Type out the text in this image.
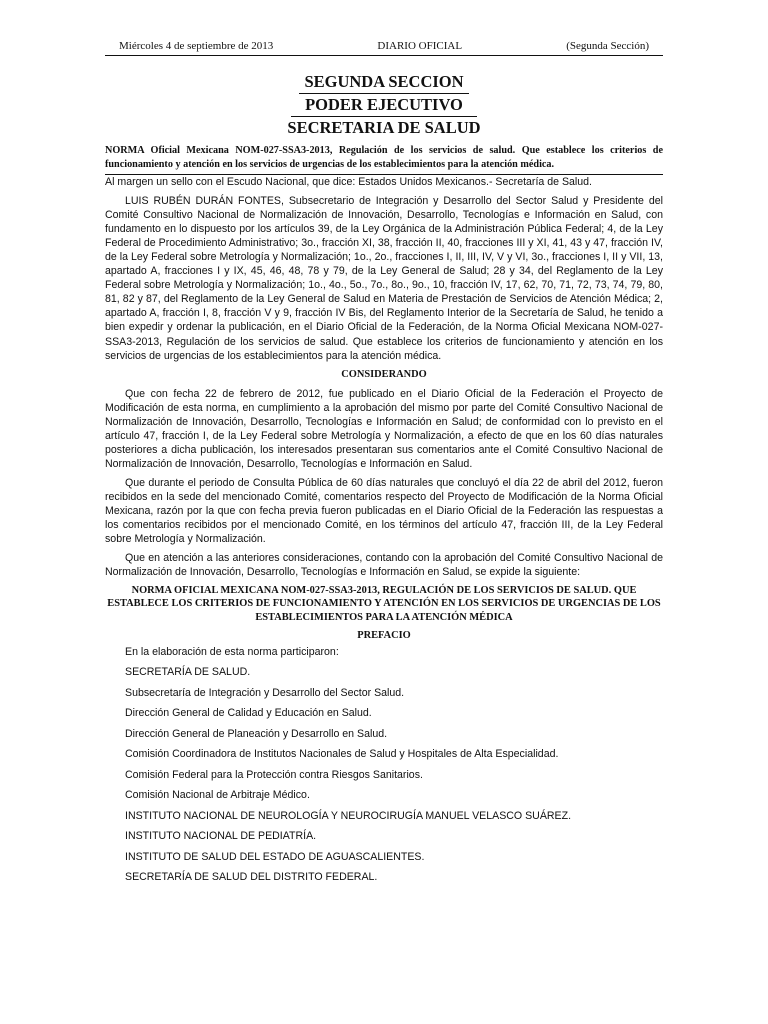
Miércoles 4 de septiembre de 2013	DIARIO OFICIAL	(Segunda Sección)
SEGUNDA SECCION
PODER EJECUTIVO
SECRETARIA DE SALUD
NORMA Oficial Mexicana NOM-027-SSA3-2013, Regulación de los servicios de salud. Que establece los criterios de funcionamiento y atención en los servicios de urgencias de los establecimientos para la atención médica.

Al margen un sello con el Escudo Nacional, que dice: Estados Unidos Mexicanos.- Secretaría de Salud.

LUIS RUBÉN DURÁN FONTES, Subsecretario de Integración y Desarrollo del Sector Salud y Presidente del Comité Consultivo Nacional de Normalización de Innovación, Desarrollo, Tecnologías e Información en Salud, con fundamento en lo dispuesto por los artículos 39, de la Ley Orgánica de la Administración Pública Federal; 4, de la Ley Federal de Procedimiento Administrativo; 3o., fracción XI, 38, fracción II, 40, fracciones III y XI, 41, 43 y 47, fracción IV, de la Ley Federal sobre Metrología y Normalización; 1o., 2o., fracciones I, II, III, IV, V y VI, 3o., fracciones I, II y VII, 13, apartado A, fracciones I y IX, 45, 46, 48, 78 y 79, de la Ley General de Salud; 28 y 34, del Reglamento de la Ley Federal sobre Metrología y Normalización; 1o., 4o., 5o., 7o., 8o., 9o., 10, fracción IV, 17, 62, 70, 71, 72, 73, 74, 79, 80, 81, 82 y 87, del Reglamento de la Ley General de Salud en Materia de Prestación de Servicios de Atención Médica; 2, apartado A, fracción I, 8, fracción V y 9, fracción IV Bis, del Reglamento Interior de la Secretaría de Salud, he tenido a bien expedir y ordenar la publicación, en el Diario Oficial de la Federación, de la Norma Oficial Mexicana NOM-027-SSA3-2013, Regulación de los servicios de salud. Que establece los criterios de funcionamiento y atención en los servicios de urgencias de los establecimientos para la atención médica.

CONSIDERANDO

Que con fecha 22 de febrero de 2012, fue publicado en el Diario Oficial de la Federación el Proyecto de Modificación de esta norma, en cumplimiento a la aprobación del mismo por parte del Comité Consultivo Nacional de Normalización de Innovación, Desarrollo, Tecnologías e Información en Salud; de conformidad con lo previsto en el artículo 47, fracción I, de la Ley Federal sobre Metrología y Normalización, a efecto de que en los 60 días naturales posteriores a dicha publicación, los interesados presentaran sus comentarios ante el Comité Consultivo Nacional de Normalización de Innovación, Desarrollo, Tecnologías e Información en Salud.

Que durante el periodo de Consulta Pública de 60 días naturales que concluyó el día 22 de abril del 2012, fueron recibidos en la sede del mencionado Comité, comentarios respecto del Proyecto de Modificación de la Norma Oficial Mexicana, razón por la que con fecha previa fueron publicadas en el Diario Oficial de la Federación las respuestas a los comentarios recibidos por el mencionado Comité, en los términos del artículo 47, fracción III, de la Ley Federal sobre Metrología y Normalización.

Que en atención a las anteriores consideraciones, contando con la aprobación del Comité Consultivo Nacional de Normalización de Innovación, Desarrollo, Tecnologías e Información en Salud, se expide la siguiente:

NORMA OFICIAL MEXICANA NOM-027-SSA3-2013, REGULACIÓN DE LOS SERVICIOS DE SALUD. QUE ESTABLECE LOS CRITERIOS DE FUNCIONAMIENTO Y ATENCIÓN EN LOS SERVICIOS DE URGENCIAS DE LOS ESTABLECIMIENTOS PARA LA ATENCIÓN MÉDICA
PREFACIO
En la elaboración de esta norma participaron:
SECRETARÍA DE SALUD.
Subsecretaría de Integración y Desarrollo del Sector Salud.
Dirección General de Calidad y Educación en Salud.
Dirección General de Planeación y Desarrollo en Salud.
Comisión Coordinadora de Institutos Nacionales de Salud y Hospitales de Alta Especialidad.
Comisión Federal para la Protección contra Riesgos Sanitarios.
Comisión Nacional de Arbitraje Médico.
INSTITUTO NACIONAL DE NEUROLOGÍA Y NEUROCIRUGÍA MANUEL VELASCO SUÁREZ.
INSTITUTO NACIONAL DE PEDIATRÍA.
INSTITUTO DE SALUD DEL ESTADO DE AGUASCALIENTES.
SECRETARÍA DE SALUD DEL DISTRITO FEDERAL.
